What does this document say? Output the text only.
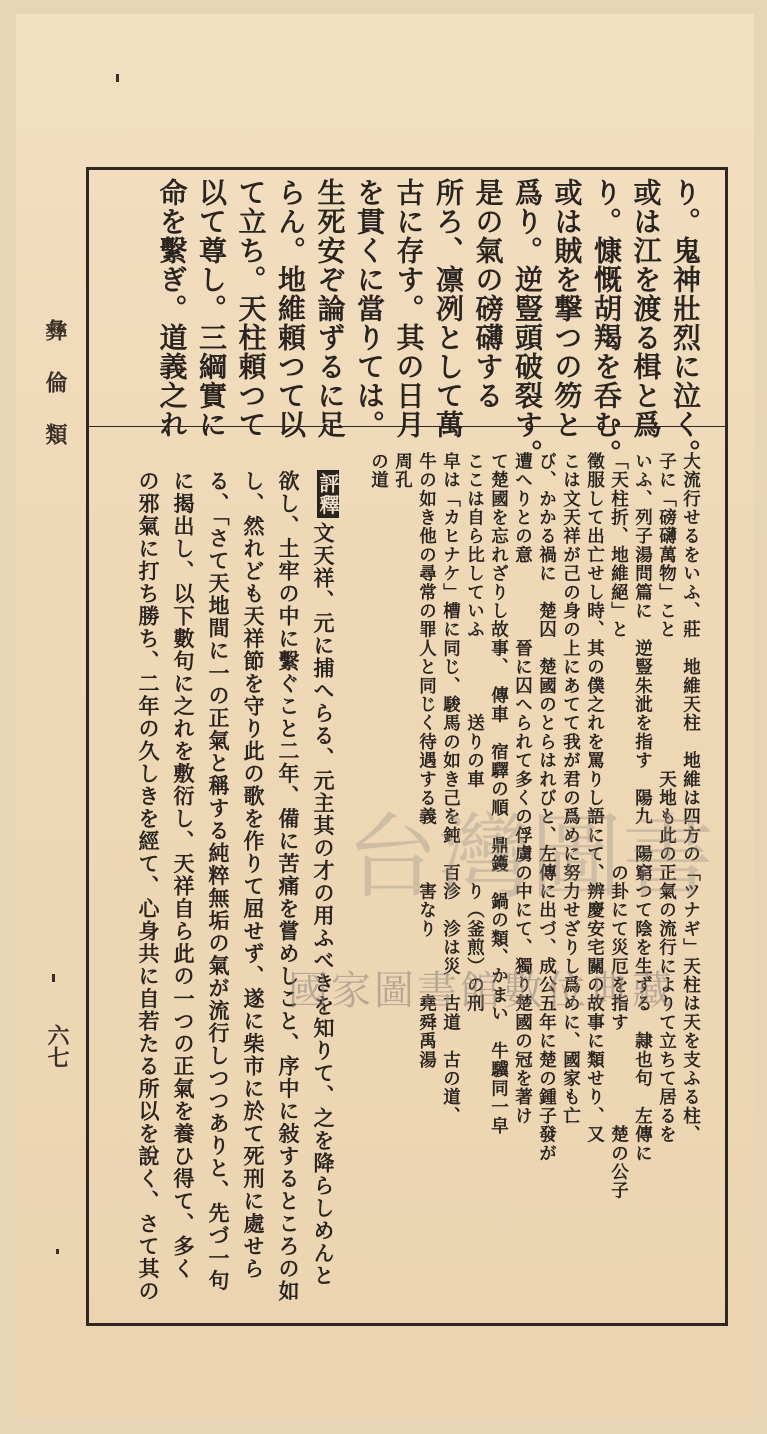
彝倫類
六七
り。鬼神壯烈に泣く。
或は江を渡る楫と爲
り。慷慨胡羯を呑む。
或は賊を撃つの笏と
爲り。逆豎頭破裂す。
是の氣の磅礴する
所ろ、凛冽として萬
古に存す。其の日月
を貫くに當りては。
生死安ぞ論ずるに足
らん。地維頼つて以
て立ち。天柱頼つて
以て尊し。三綱實に
命を繫ぎ。道義之れ
大流行せるをいふ、莊　地維天柱　地維は四方の「ツナギ」天柱は天を支ふる柱、
子に「磅礴萬物」こと　　　　　　　天地も此の正氣の流行によりて立ちて居るを
いふ、列子湯問篇に　逆豎朱泚を指す　陽九　陽窮つて陰を生ずる　隷也句　左傳に
「天柱折、地維絕」と　　　　　　　　　　　　の卦にて災厄を指す　　　　　楚の公子
徵服して出亡せし時、其の僕之れを罵りし語にて、辨慶安宅關の故事に類せり、又
こは文天祥が己の身の上にあてて我が君の爲めに努力せざりし爲めに、國家も亡
び、かかる禍に　楚囚　楚國のとらはれびと、左傳に出づ、成公五年に楚の鍾子發が
遭へりとの意　　　　晉に囚へられて多くの俘虜の中にて、獨り楚國の冠を著け
て楚國を忘れざりし故事、　傳車　宿驛の順　鼎鑊　鍋の類、かまい　牛驥同一皁
ここは自ら比していふ　　　　送りの車　　　　　り（釜煎）の刑
皁は「カヒナケ」槽に同じ、駿馬の如き己を鈍　百沴　沴は災　古道　古の道、
牛の如き他の尋常の罪人と同じく待遇する義　　　害なり　　　堯舜禹湯
周孔
の道
評釋
文天祥、元に捕へらる、元主其の才の用ふべきを知りて、之を降らしめんと
欲し、土牢の中に繫ぐこと二年、備に苦痛を嘗めしこと、序中に敍するところの如
し、然れども天祥節を守り此の歌を作りて屈せず、遂に柴市に於て死刑に處せら
る、「さて天地間に一の正氣と稱する純粹無垢の氣が流行しつつありと、先づ一句
に揭出し、以下數句に之れを敷衍し、天祥自ら此の一つの正氣を養ひ得て、多く
の邪氣に打ち勝ち、二年の久しきを經て、心身共に自若たる所以を說く、さて其の 台灣圖書
國家圖書館數位典藏
